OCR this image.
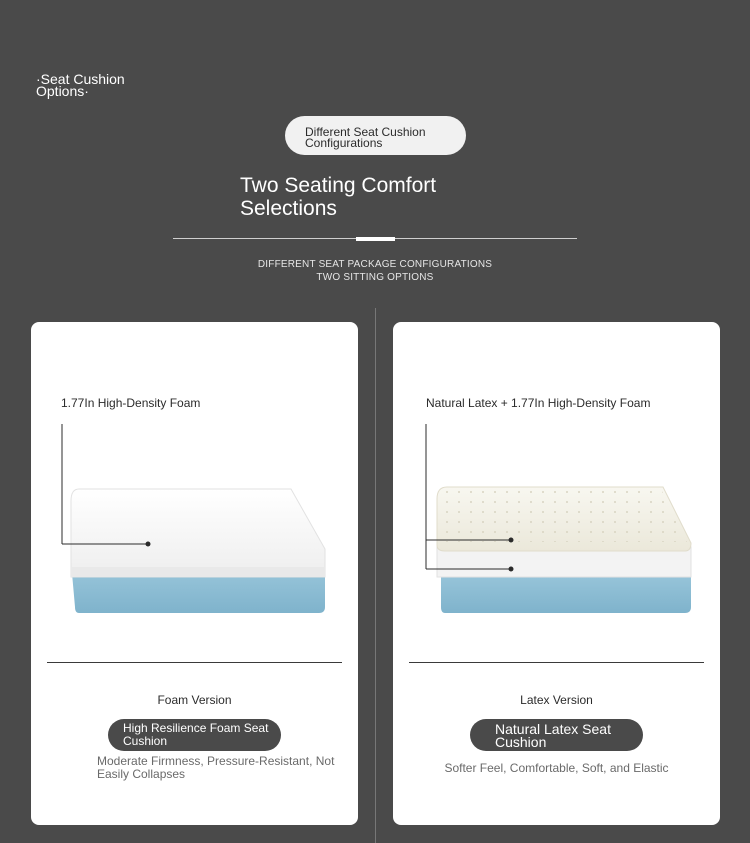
·Seat Cushion Options·
Different Seat Cushion Configurations
Two Seating Comfort Selections
DIFFERENT SEAT PACKAGE CONFIGURATIONS
TWO SITTING OPTIONS
1.77In High-Density Foam
Foam Version
High Resilience Foam Seat Cushion
Moderate Firmness, Pressure-Resistant, Not Easily Collapses
Natural Latex + 1.77In High-Density Foam
Latex Version
Natural Latex Seat Cushion
Softer Feel, Comfortable, Soft, and Elastic
